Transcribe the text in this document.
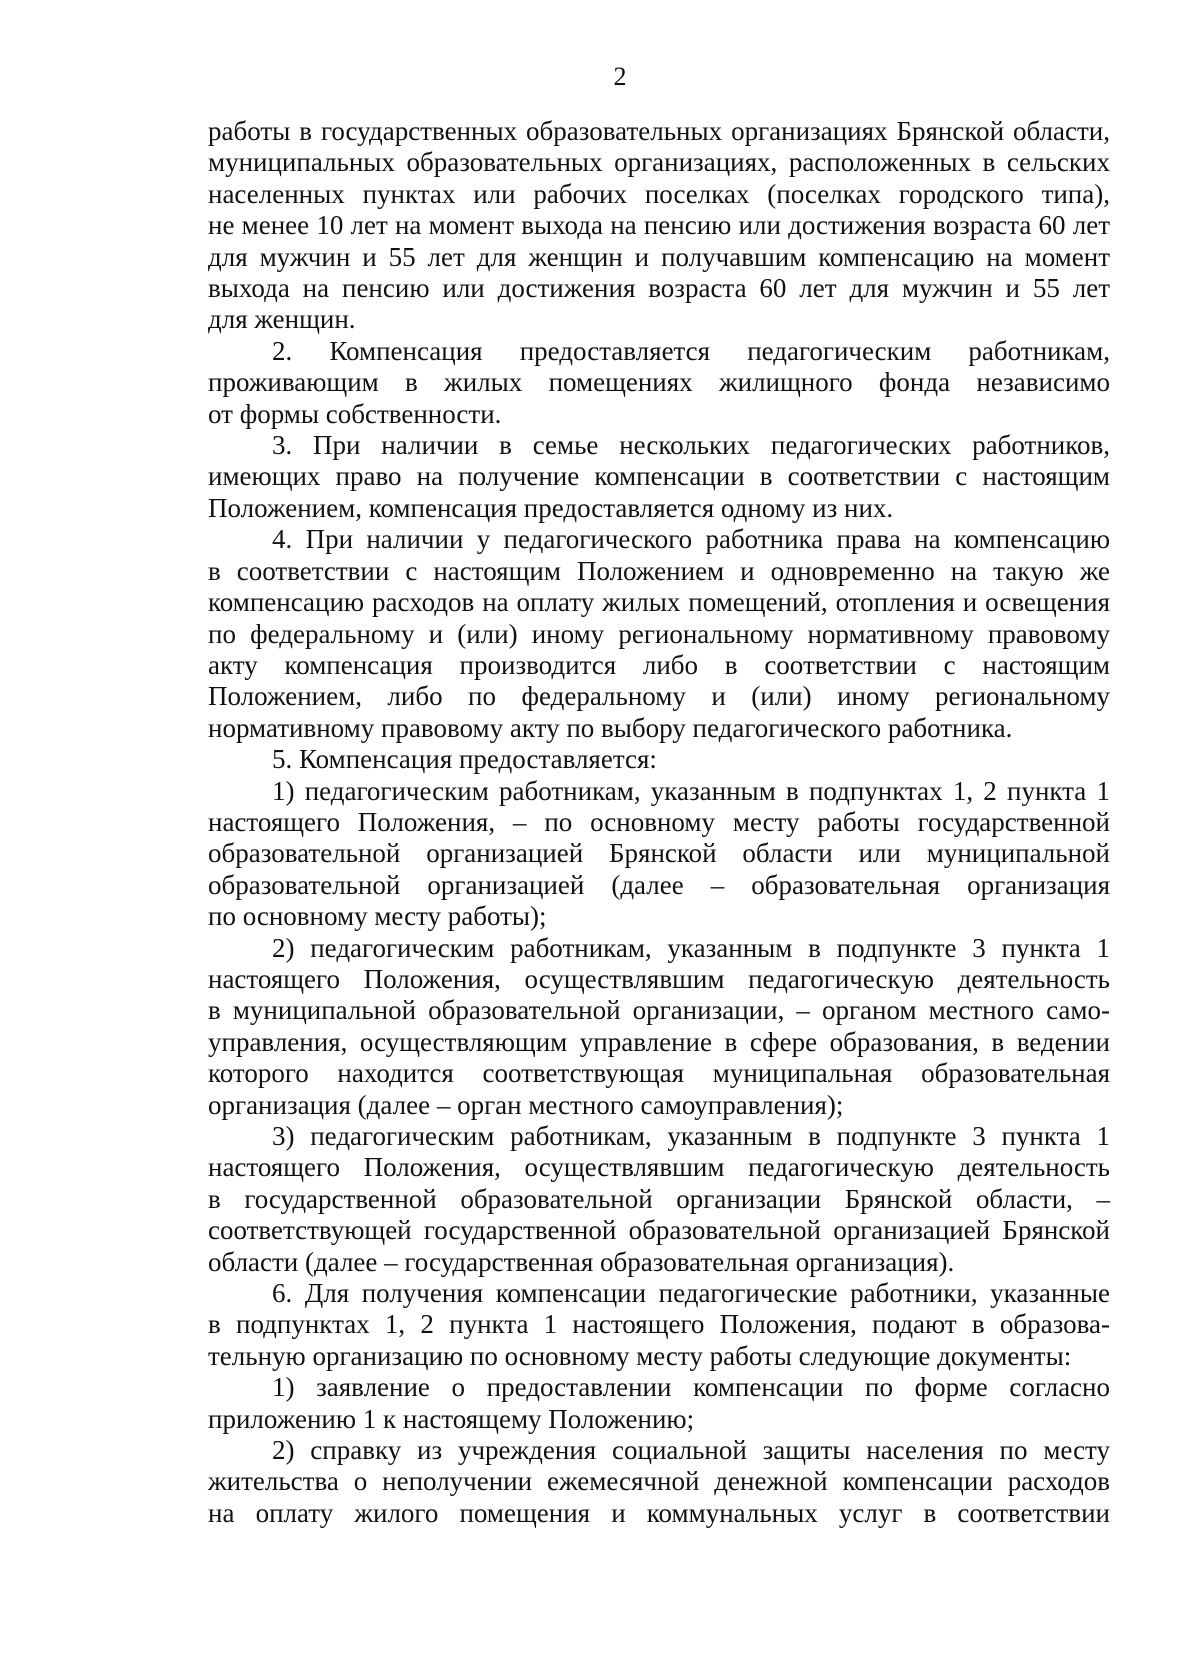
2

работы в государственных образовательных организациях Брянской области,

муниципальных образовательных организациях, расположенных в сельских

населенных пунктах или рабочих поселках (поселках городского типа),

не менее 10 лет на момент выхода на пенсию или достижения возраста 60 лет

для мужчин и 55 лет для женщин и получавшим компенсацию на момент

выхода на пенсию или достижения возраста 60 лет для мужчин и 55 лет

для женщин.

2. Компенсация предоставляется педагогическим работникам,

проживающим в жилых помещениях жилищного фонда независимо

от формы собственности.

3. При наличии в семье нескольких педагогических работников,

имеющих право на получение компенсации в соответствии с настоящим

Положением, компенсация предоставляется одному из них.

4. При наличии у педагогического работника права на компенсацию

в соответствии с настоящим Положением и одновременно на такую же

компенсацию расходов на оплату жилых помещений, отопления и освещения

по федеральному и (или) иному региональному нормативному правовому

акту компенсация производится либо в соответствии с настоящим

Положением, либо по федеральному и (или) иному региональному

нормативному правовому акту по выбору педагогического работника.

5. Компенсация предоставляется:

1) педагогическим работникам, указанным в подпунктах 1, 2 пункта 1

настоящего Положения, – по основному месту работы государственной

образовательной организацией Брянской области или муниципальной

образовательной организацией (далее – образовательная организация

по основному месту работы);

2) педагогическим работникам, указанным в подпункте 3 пункта 1

настоящего Положения, осуществлявшим педагогическую деятельность

в муниципальной образовательной организации, – органом местного само-

управления, осуществляющим управление в сфере образования, в ведении

которого находится соответствующая муниципальная образовательная

организация (далее – орган местного самоуправления);

3) педагогическим работникам, указанным в подпункте 3 пункта 1

настоящего Положения, осуществлявшим педагогическую деятельность

в государственной образовательной организации Брянской области, –

соответствующей государственной образовательной организацией Брянской

области (далее – государственная образовательная организация).

6. Для получения компенсации педагогические работники, указанные

в подпунктах 1, 2 пункта 1 настоящего Положения, подают в образова-

тельную организацию по основному месту работы следующие документы:

1) заявление о предоставлении компенсации по форме согласно

приложению 1 к настоящему Положению;

2) справку из учреждения социальной защиты населения по месту

жительства о неполучении ежемесячной денежной компенсации расходов

на оплату жилого помещения и коммунальных услуг в соответствии
